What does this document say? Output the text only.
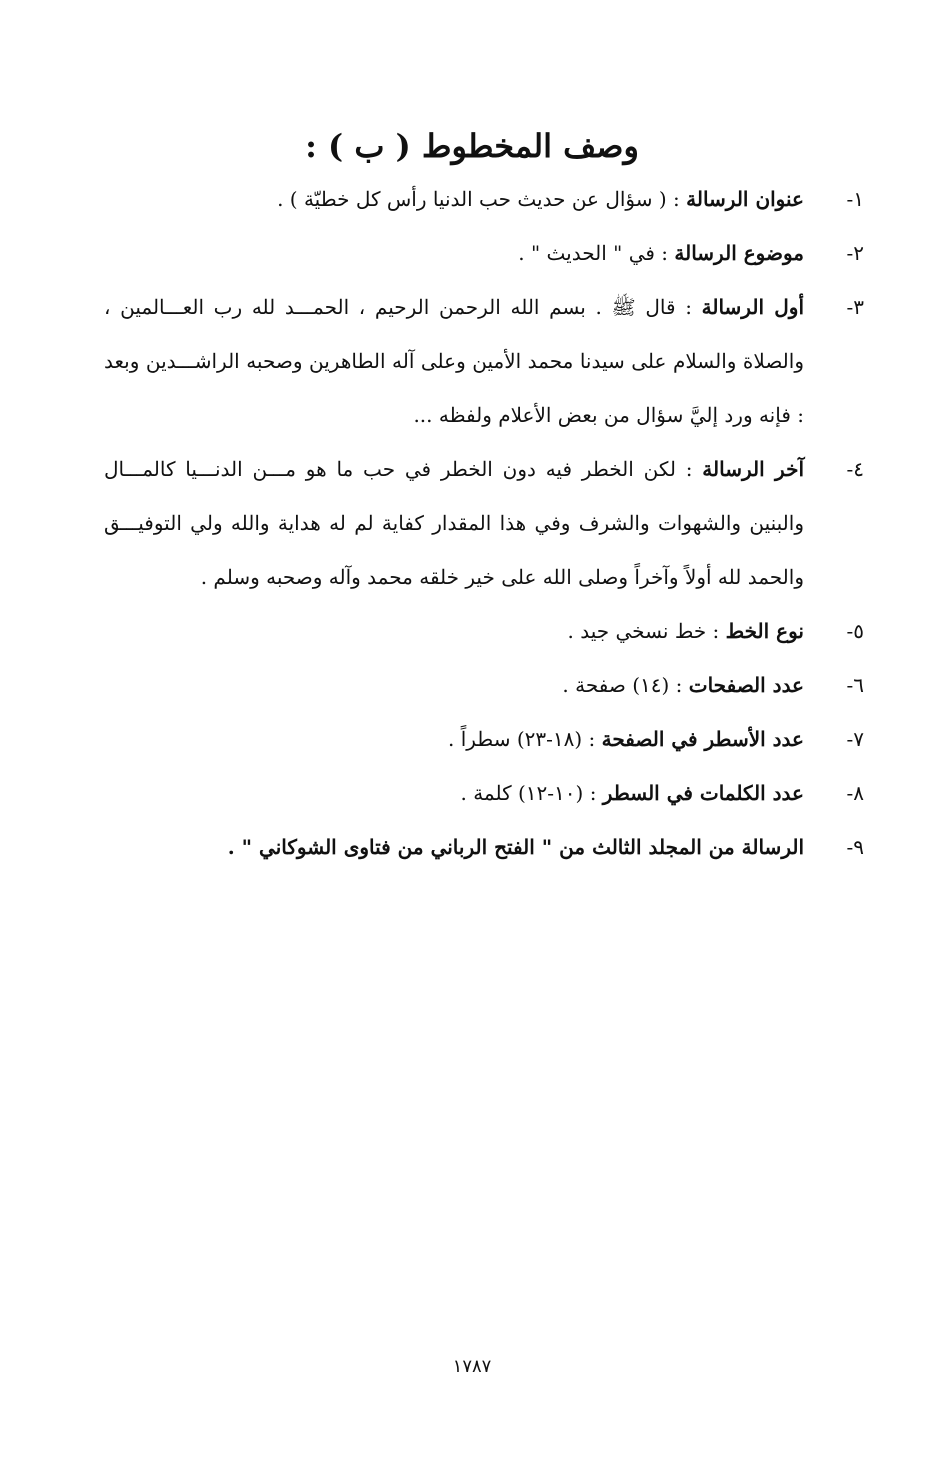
وصف المخطوط ( ب ) :
١-
عنوان الرسالة : ( سؤال عن حديث حب الدنيا رأس كل خطيّة ) .
٢-
موضوع الرسالة : في " الحديث " .
٣-
أول الرسالة : قال ﷺ . بسم الله الرحمن الرحيم ، الحمـــد لله رب العـــالمين ، والصلاة والسلام على سيدنا محمد الأمين وعلى آله الطاهرين وصحبه الراشـــدين وبعد : فإنه ورد إليَّ سؤال من بعض الأعلام ولفظه ...
٤-
آخر الرسالة : لكن الخطر فيه دون الخطر في حب ما هو مـــن الدنـــيا كالمـــال والبنين والشهوات والشرف وفي هذا المقدار كفاية لم له هداية والله ولي التوفيـــق والحمد لله أولاً وآخراً وصلى الله على خير خلقه محمد وآله وصحبه وسلم .
٥-
نوع الخط : خط نسخي جيد .
٦-
عدد الصفحات : (١٤) صفحة .
٧-
عدد الأسطر في الصفحة : (١٨-٢٣) سطراً .
٨-
عدد الكلمات في السطر : (١٠-١٢) كلمة .
٩-
الرسالة من المجلد الثالث من " الفتح الرباني من فتاوى الشوكاني " .
١٧٨٧
